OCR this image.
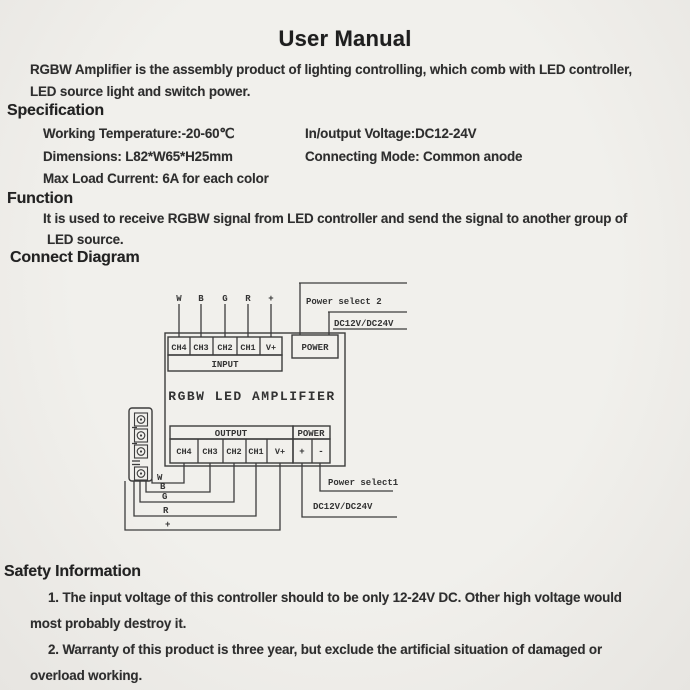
User Manual

RGBW Amplifier is the assembly product of lighting controlling, which comb with LED controller,

LED source light and switch power.

Specification
Working Temperature:-20-60℃	In/output Voltage:DC12-24V
Dimensions: L82*W65*H25mm	Connecting Mode: Common anode
Max Load Current: 6A for each color
Function
It is used to receive RGBW signal from LED controller and send the signal to another group of
LED source.
Connect Diagram
W B G R +
RGBW LED AMPLIFIER
CH4 CH3 CH2 CH1 V+
INPUT
POWER
Power select 2
DC12V/DC24V
OUTPUT	POWER
CH4 CH3 CH2 CH1 V+ + -
W
B
G
R
+
Power select1
DC12V/DC24V
Safety Information
1. The input voltage of this controller should to be only 12-24V DC. Other high voltage would
most probably destroy it.
2. Warranty of this product is three year, but exclude the artificial situation of damaged or
overload working.
